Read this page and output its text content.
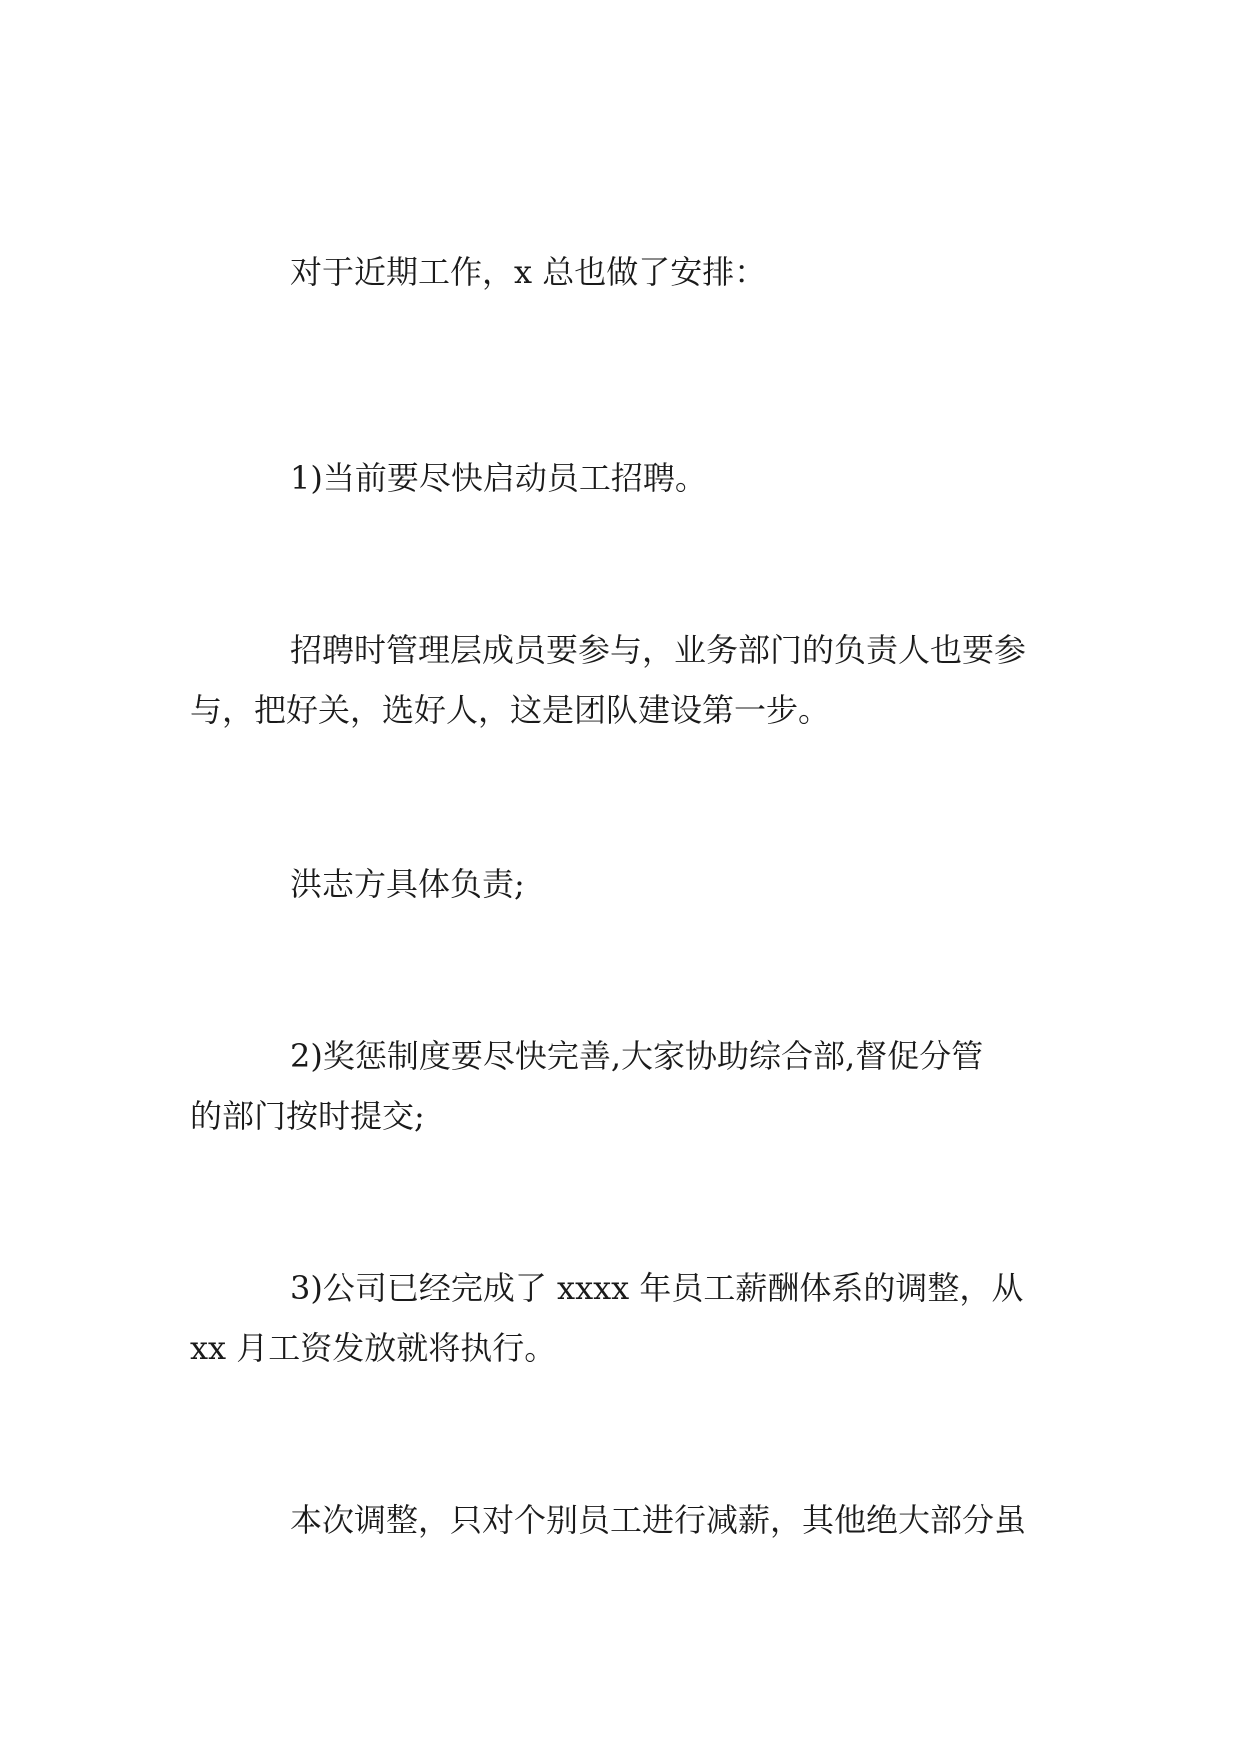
对于近期工作，x 总也做了安排：
1)当前要尽快启动员工招聘。
招聘时管理层成员要参与，业务部门的负责人也要参
与，把好关，选好人，这是团队建设第一步。
洪志方具体负责;
2)奖惩制度要尽快完善,大家协助综合部,督促分管
的部门按时提交;
3)公司已经完成了 xxxx 年员工薪酬体系的调整，从
xx 月工资发放就将执行。
本次调整，只对个别员工进行减薪，其他绝大部分虽
